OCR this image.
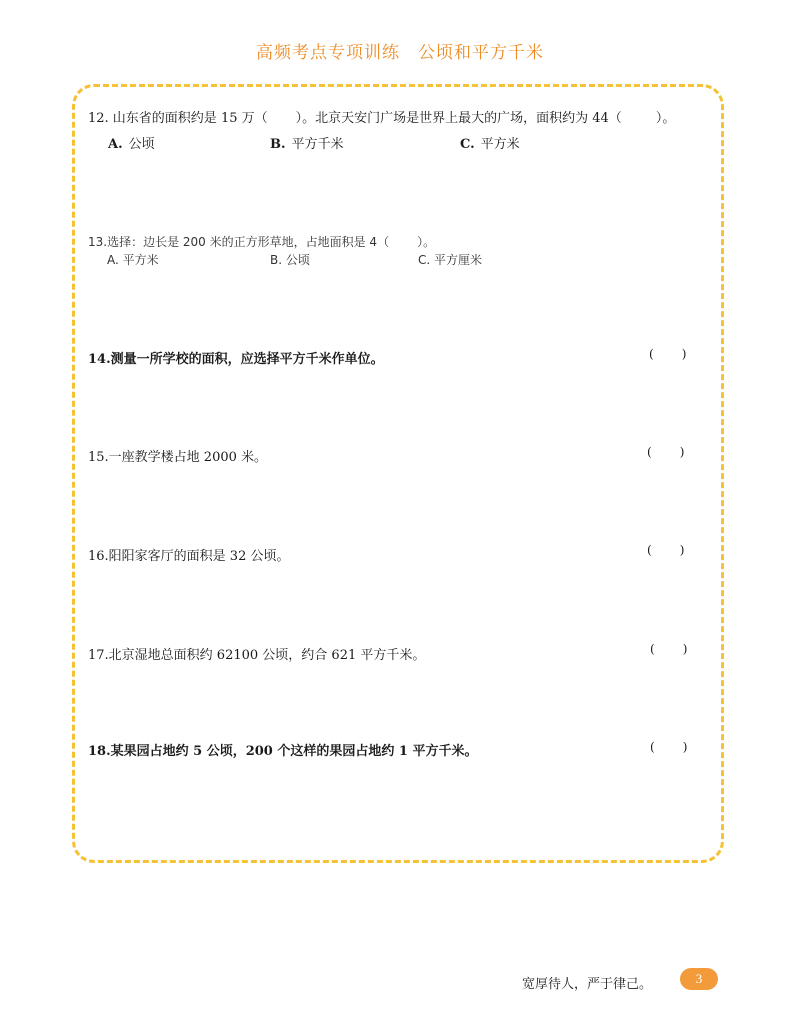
高频考点专项训练 公顷和平方千米
12. 山东省的面积约是 15 万（ ）。北京天安门广场是世界上最大的广场，面积约为 44（	）。
A. 公顷	B. 平方千米	C. 平方米
13.选择：边长是 200 米的正方形草地，占地面积是 4（ ）。
A. 平方米	B. 公顷	C. 平方厘米
14.测量一所学校的面积，应选择平方千米作单位。	( )
15.一座教学楼占地 2000 米。	( )
16.阳阳家客厅的面积是 32 公顷。	( )
17.北京湿地总面积约 62100 公顷，约合 621 平方千米。	( )
18.某果园占地约 5 公顷，200 个这样的果园占地约 1 平方千米。	( )
宽厚待人，严于律己。	3
